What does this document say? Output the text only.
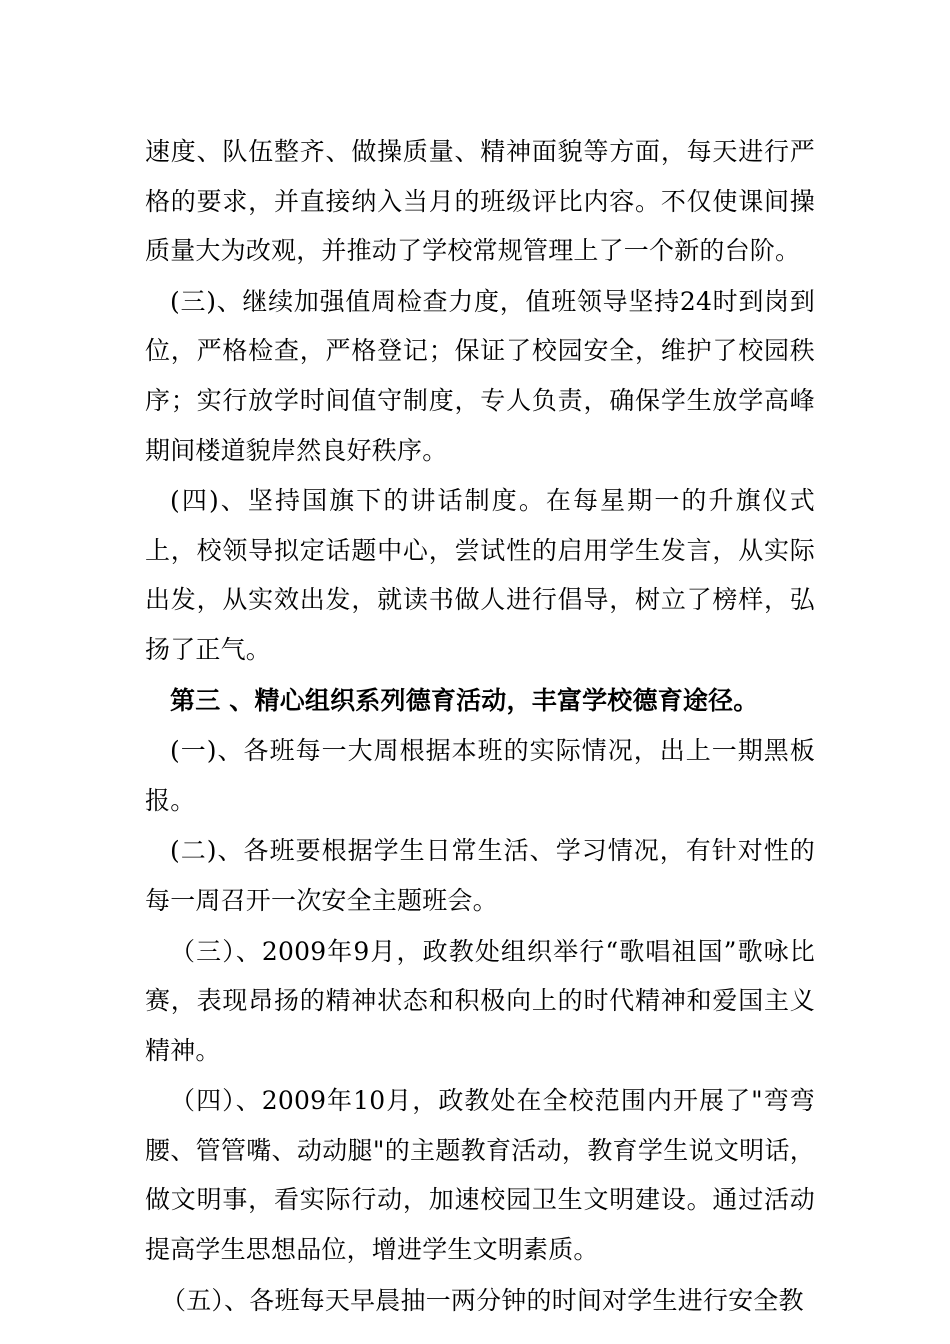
速度、队伍整齐、做操质量、精神面貌等方面，每天进行严格的要求，并直接纳入当月的班级评比内容。不仅使课间操质量大为改观，并推动了学校常规管理上了一个新的台阶。

(三)、继续加强值周检查力度，值班领导坚持24时到岗到位，严格检查，严格登记；保证了校园安全，维护了校园秩序；实行放学时间值守制度，专人负责，确保学生放学高峰期间楼道貌岸然良好秩序。

(四)、坚持国旗下的讲话制度。在每星期一的升旗仪式上，校领导拟定话题中心，尝试性的启用学生发言，从实际出发，从实效出发，就读书做人进行倡导，树立了榜样，弘扬了正气。

第三 、精心组织系列德育活动，丰富学校德育途径。

(一)、各班每一大周根据本班的实际情况，出上一期黑板报。

(二)、各班要根据学生日常生活、学习情况，有针对性的每一周召开一次安全主题班会。

（三）、2009年9月，政教处组织举行“歌唱祖国”歌咏比赛，表现昂扬的精神状态和积极向上的时代精神和爱国主义精神。

（四）、2009年10月，政教处在全校范围内开展了"弯弯腰、管管嘴、动动腿"的主题教育活动，教育学生说文明话，做文明事，看实际行动，加速校园卫生文明建设。通过活动提高学生思想品位，增进学生文明素质。

（五）、各班每天早晨抽一两分钟的时间对学生进行安全教
